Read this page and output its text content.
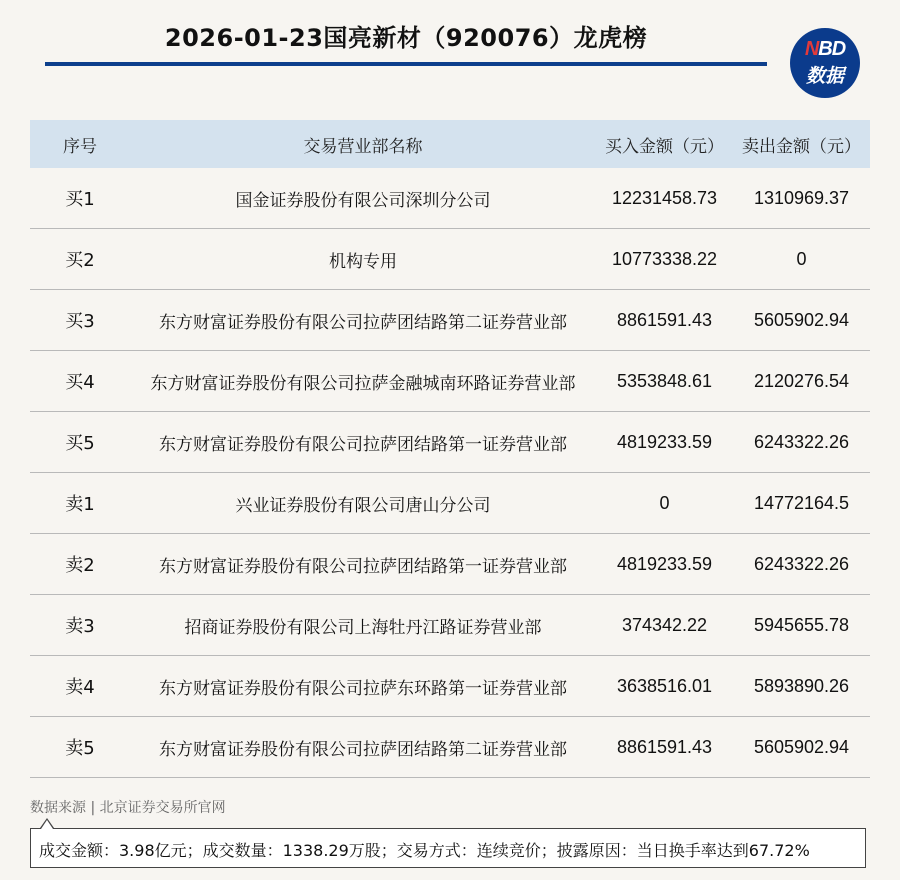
2026-01-23国亮新材（920076）龙虎榜	NBD
数据
序号	交易营业部名称	买入金额（元）	卖出金额（元）
买1	国金证券股份有限公司深圳分公司	12231458.73	1310969.37
买2	机构专用	10773338.22	0
买3	东方财富证券股份有限公司拉萨团结路第二证券营业部	8861591.43	5605902.94
买4	东方财富证券股份有限公司拉萨金融城南环路证券营业部	5353848.61	2120276.54
买5	东方财富证券股份有限公司拉萨团结路第一证券营业部	4819233.59	6243322.26
卖1	兴业证券股份有限公司唐山分公司	0	14772164.5
卖2	东方财富证券股份有限公司拉萨团结路第一证券营业部	4819233.59	6243322.26
卖3	招商证券股份有限公司上海牡丹江路证券营业部	374342.22	5945655.78
卖4	东方财富证券股份有限公司拉萨东环路第一证券营业部	3638516.01	5893890.26
卖5	东方财富证券股份有限公司拉萨团结路第二证券营业部	8861591.43	5605902.94
数据来源 | 北京证券交易所官网
成交金额：3.98亿元；成交数量：1338.29万股；交易方式：连续竞价；披露原因：当日换手率达到67.72%
